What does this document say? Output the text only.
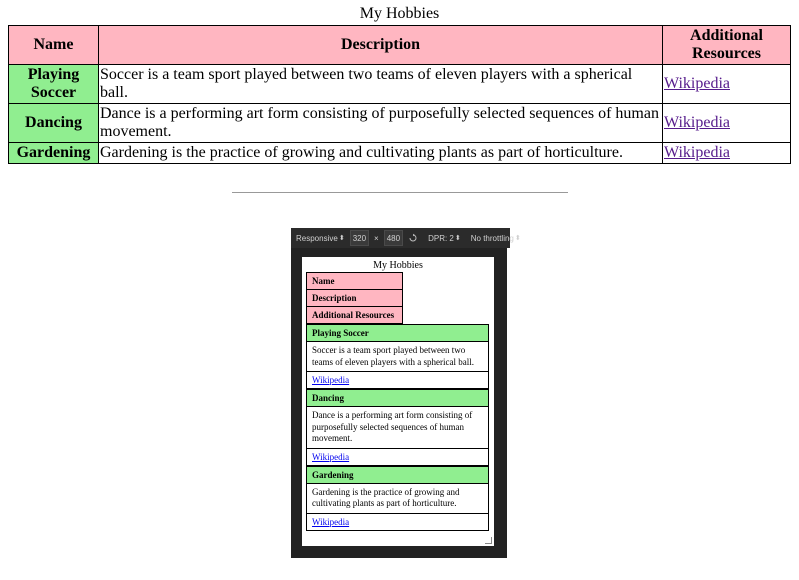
My Hobbies
Name	Description	Additional Resources
Playing Soccer	Soccer is a team sport played between two teams of eleven players with a spherical ball.	Wikipedia
Dancing	Dance is a performing art form consisting of purposefully selected sequences of human movement.	Wikipedia
Gardening	Gardening is the practice of growing and cultivating plants as part of horticulture.	Wikipedia
Responsive ⬍	320	×	480	DPR: 2 ⬍ No throttling ⬍
My Hobbies
Name
Description
Additional Resources
Playing Soccer
Soccer is a team sport played between two teams of eleven players with a spherical ball.
Wikipedia
Dancing
Dance is a performing art form consisting of purposefully selected sequences of human movement.
Wikipedia
Gardening
Gardening is the practice of growing and cultivating plants as part of horticulture.
Wikipedia
